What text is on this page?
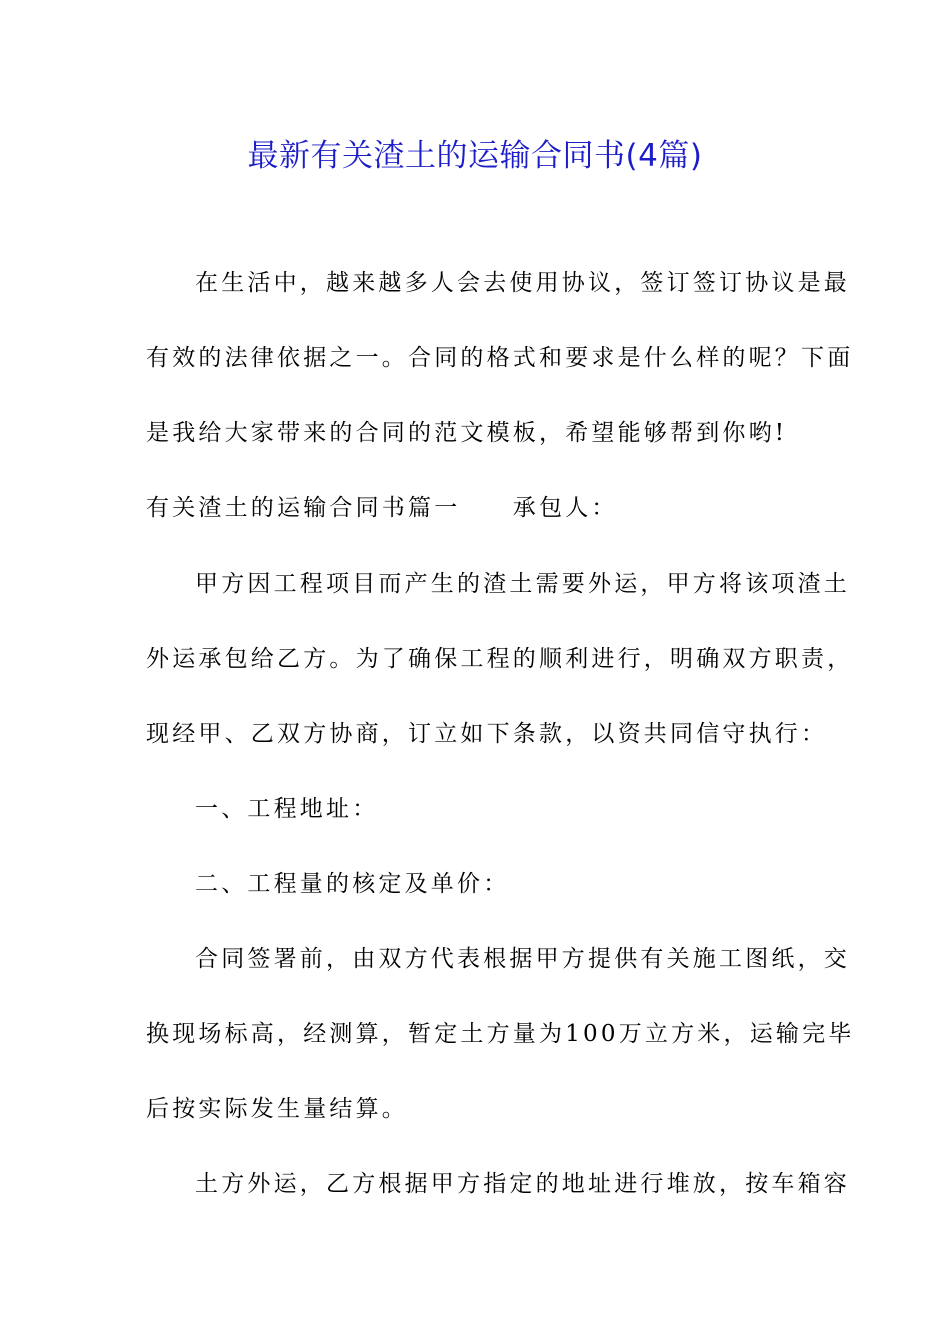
最新有关渣土的运输合同书(4篇)
在生活中，越来越多人会去使用协议，签订签订协议是最
有效的法律依据之一。合同的格式和要求是什么样的呢？下面
是我给大家带来的合同的范文模板，希望能够帮到你哟!
有关渣土的运输合同书篇一　　承包人：
甲方因工程项目而产生的渣土需要外运，甲方将该项渣土
外运承包给乙方。为了确保工程的顺利进行，明确双方职责，
现经甲、乙双方协商，订立如下条款，以资共同信守执行：
一、工程地址：
二、工程量的核定及单价：
合同签署前，由双方代表根据甲方提供有关施工图纸，交
换现场标高，经测算，暂定土方量为100万立方米，运输完毕
后按实际发生量结算。
土方外运，乙方根据甲方指定的地址进行堆放，按车箱容
